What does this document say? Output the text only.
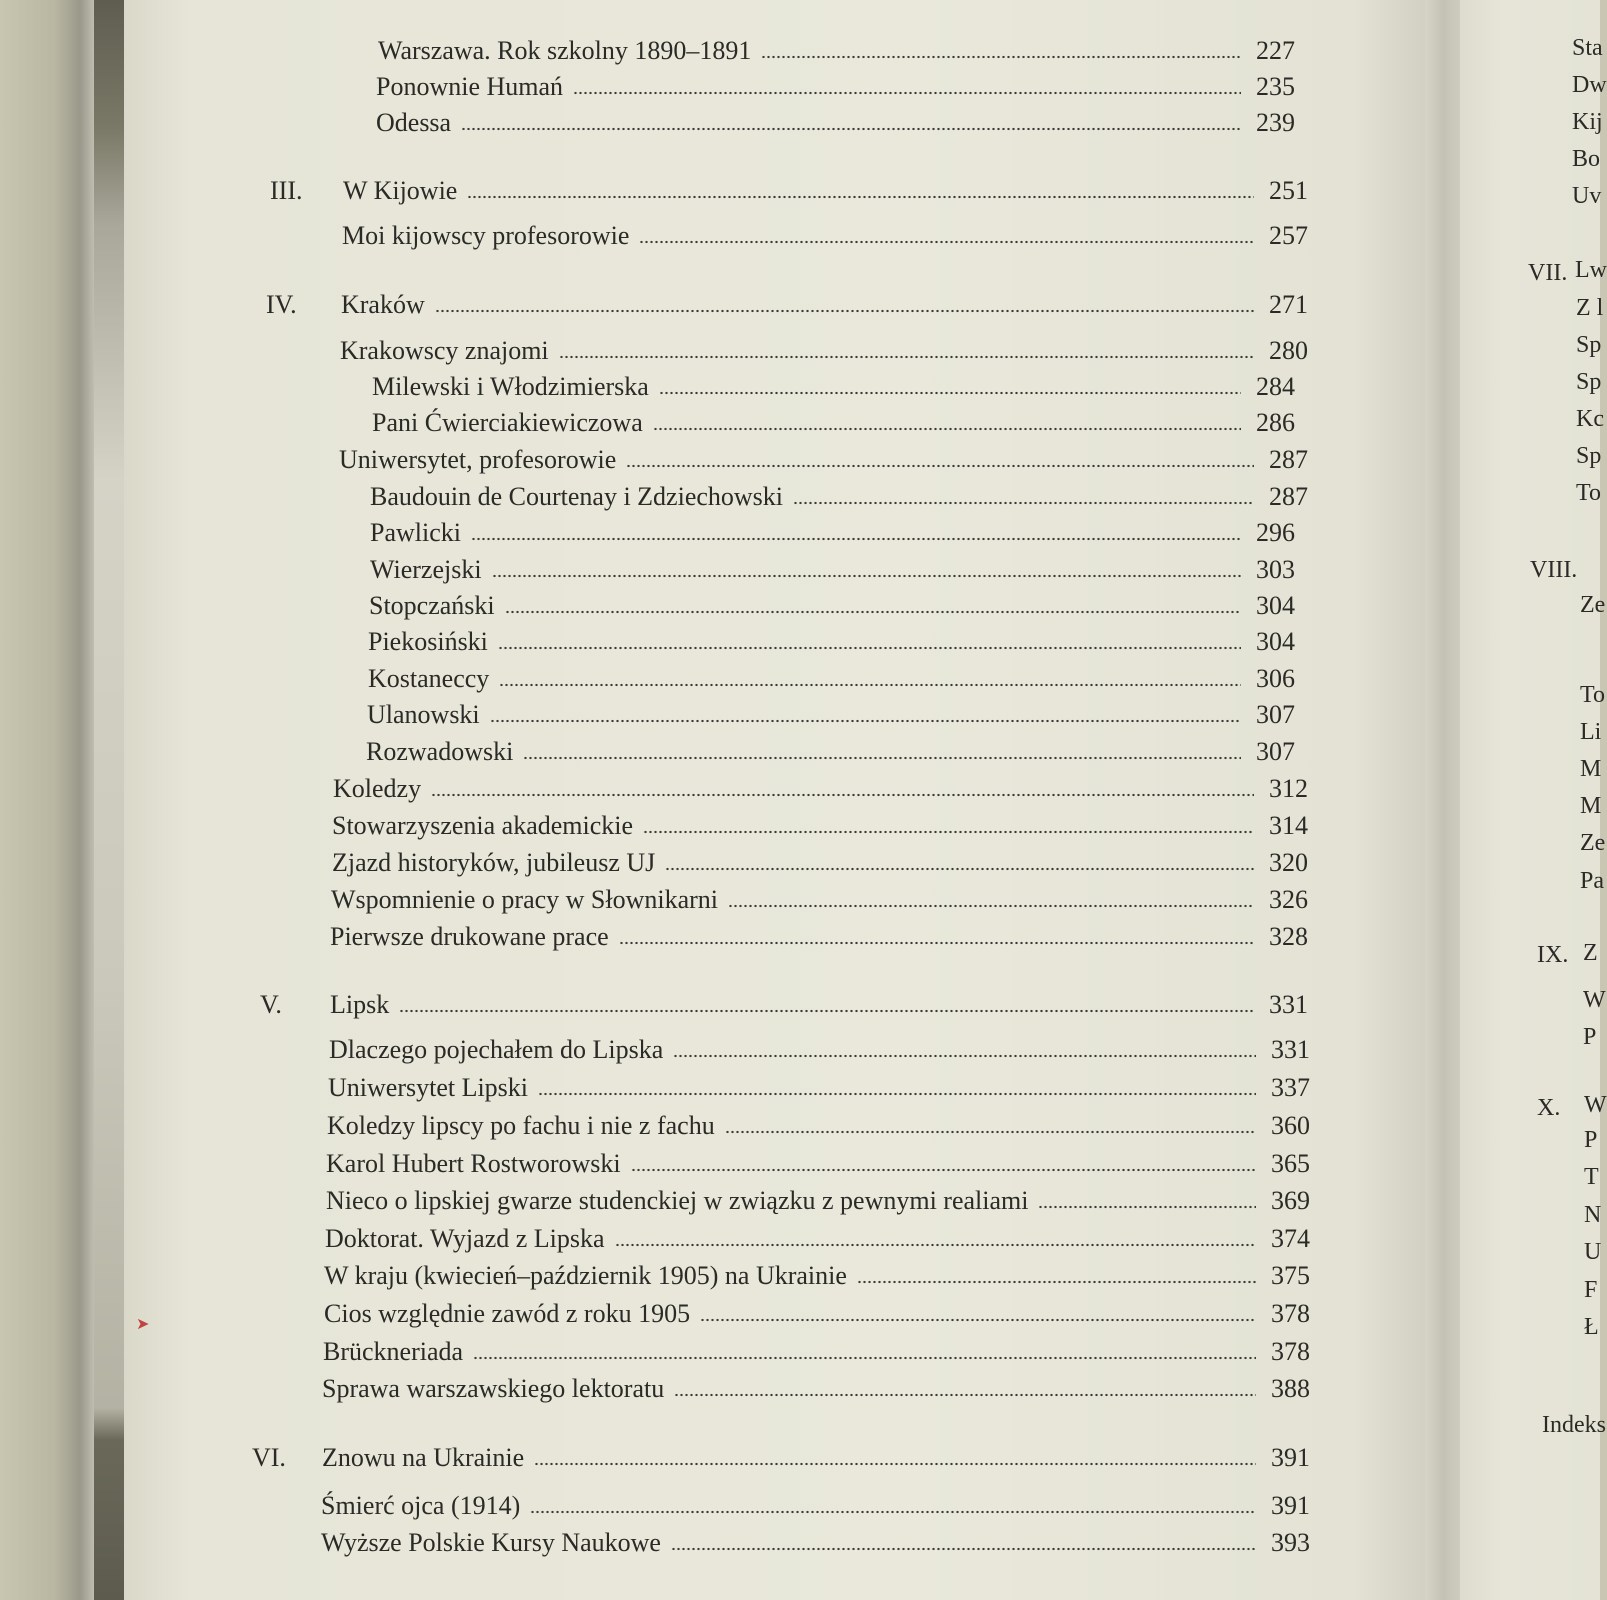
➤
Warszawa. Rok szkolny 1890–1891	227
Ponownie Humań	235
Odessa	239
III. W Kijowie	251
Moi kijowscy profesorowie	257
IV. Kraków	271
Krakowscy znajomi	280
Milewski i Włodzimierska	284
Pani Ćwierciakiewiczowa	286
Uniwersytet, profesorowie	287
Baudouin de Courtenay i Zdziechowski	287
Pawlicki	296
Wierzejski	303
Stopczański	304
Piekosiński	304
Kostaneccy	306
Ulanowski	307
Rozwadowski	307
Koledzy	312
Stowarzyszenia akademickie	314
Zjazd historyków, jubileusz UJ	320
Wspomnienie o pracy w Słownikarni	326
Pierwsze drukowane prace	328
V. Lipsk	331
Dlaczego pojechałem do Lipska	331
Uniwersytet Lipski	337
Koledzy lipscy po fachu i nie z fachu	360
Karol Hubert Rostworowski	365
Nieco o lipskiej gwarze studenckiej w związku z pewnymi realiami	369
Doktorat. Wyjazd z Lipska	374
W kraju (kwiecień–październik 1905) na Ukrainie	375
Cios względnie zawód z roku 1905	378
Brückneriada	378
Sprawa warszawskiego lektoratu	388
VI. Znowu na Ukrainie	391
Śmierć ojca (1914)	391
Wyższe Polskie Kursy Naukowe	393
Sta
Dw
Kij
Bo
Uv
Lw
Z l
Sp
Sp
Kc
Sp
To
Ze
To
Li
M
M
Ze
Pa
Z
W
P
W
P
T
N
U
F
Ł
Indeks
VII.
VIII.
IX.
X.
